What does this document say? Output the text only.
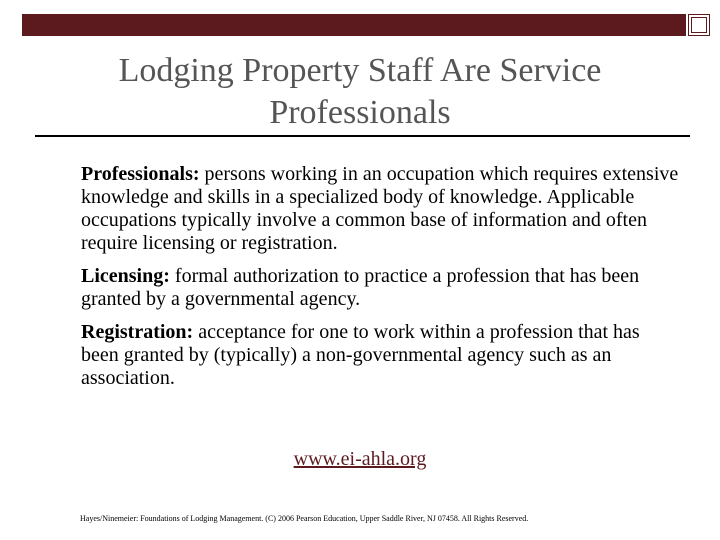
Lodging Property Staff Are Service Professionals

Professionals: persons working in an occupation which requires extensive knowledge and skills in a specialized body of knowledge. Applicable occupations typically involve a common base of information and often require licensing or registration.

Licensing: formal authorization to practice a profession that has been granted by a governmental agency.

Registration: acceptance for one to work within a profession that has been granted by (typically) a non-governmental agency such as an association.

www.ei-ahla.org
Hayes/Ninemeier: Foundations of Lodging Management. (C) 2006 Pearson Education, Upper Saddle River, NJ 07458. All Rights Reserved.
